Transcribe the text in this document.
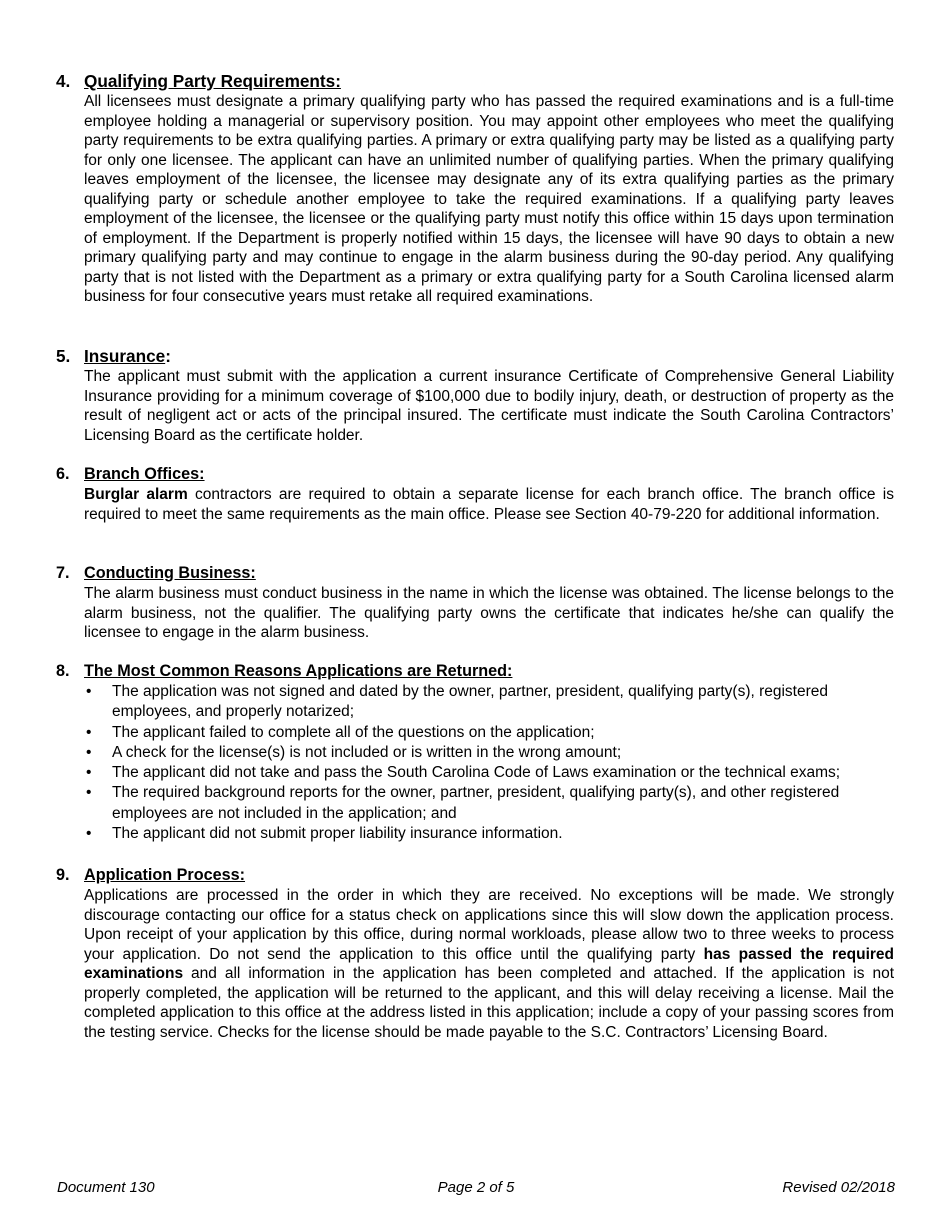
4. Qualifying Party Requirements:

All licensees must designate a primary qualifying party who has passed the required examinations and is a full-time employee holding a managerial or supervisory position. You may appoint other employees who meet the qualifying party requirements to be extra qualifying parties. A primary or extra qualifying party may be listed as a qualifying party for only one licensee. The applicant can have an unlimited number of qualifying parties. When the primary qualifying leaves employment of the licensee, the licensee may designate any of its extra qualifying parties as the primary qualifying party or schedule another employee to take the required examinations. If a qualifying party leaves employment of the licensee, the licensee or the qualifying party must notify this office within 15 days upon termination of employment. If the Department is properly notified within 15 days, the licensee will have 90 days to obtain a new primary qualifying party and may continue to engage in the alarm business during the 90-day period. Any qualifying party that is not listed with the Department as a primary or extra qualifying party for a South Carolina licensed alarm business for four consecutive years must retake all required examinations.

5. Insurance:

The applicant must submit with the application a current insurance Certificate of Comprehensive General Liability Insurance providing for a minimum coverage of $100,000 due to bodily injury, death, or destruction of property as the result of negligent act or acts of the principal insured. The certificate must indicate the South Carolina Contractors’ Licensing Board as the certificate holder.

6. Branch Offices:

Burglar alarm contractors are required to obtain a separate license for each branch office. The branch office is required to meet the same requirements as the main office. Please see Section 40-79-220 for additional information.

7. Conducting Business:

The alarm business must conduct business in the name in which the license was obtained. The license belongs to the alarm business, not the qualifier. The qualifying party owns the certificate that indicates he/she can qualify the licensee to engage in the alarm business.

8. The Most Common Reasons Applications are Returned:
• The application was not signed and dated by the owner, partner, president, qualifying party(s), registered employees, and properly notarized;
• The applicant failed to complete all of the questions on the application;
• A check for the license(s) is not included or is written in the wrong amount;
• The applicant did not take and pass the South Carolina Code of Laws examination or the technical exams;
• The required background reports for the owner, partner, president, qualifying party(s), and other registered employees are not included in the application; and
• The applicant did not submit proper liability insurance information.
9. Application Process:

Applications are processed in the order in which they are received. No exceptions will be made. We strongly discourage contacting our office for a status check on applications since this will slow down the application process. Upon receipt of your application by this office, during normal workloads, please allow two to three weeks to process your application. Do not send the application to this office until the qualifying party has passed the required examinations and all information in the application has been completed and attached. If the application is not properly completed, the application will be returned to the applicant, and this will delay receiving a license. Mail the completed application to this office at the address listed in this application; include a copy of your passing scores from the testing service. Checks for the license should be made payable to the S.C. Contractors’ Licensing Board.

Document 130	Page 2 of 5	Revised 02/2018
